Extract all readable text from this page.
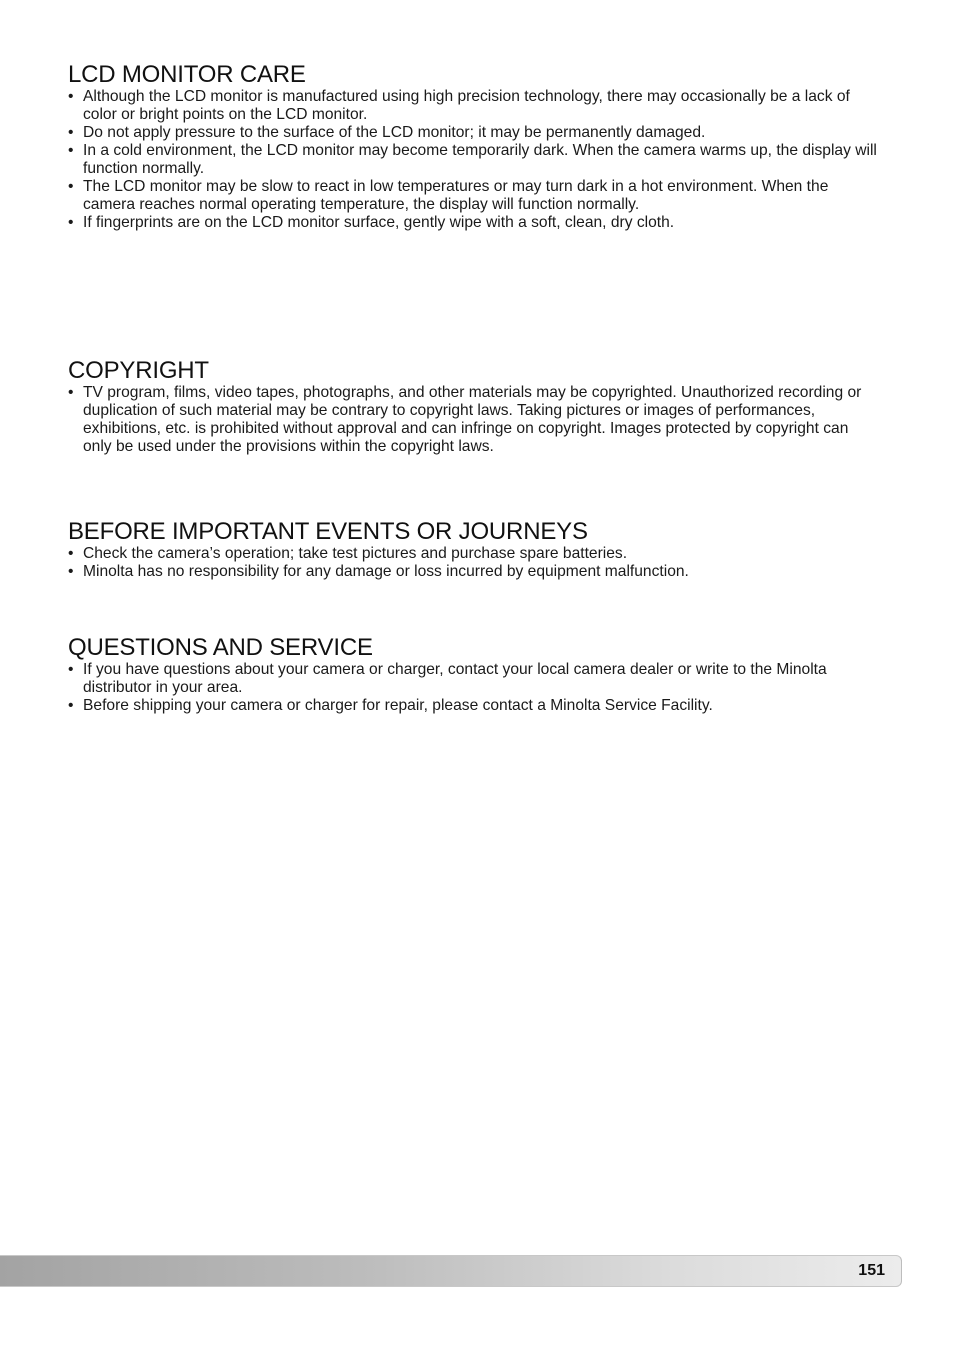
LCD MONITOR CARE
• Although the LCD monitor is manufactured using high precision technology, there may occasionally be a lack of color or bright points on the LCD monitor.
• Do not apply pressure to the surface of the LCD monitor; it may be permanently damaged.
• In a cold environment, the LCD monitor may become temporarily dark. When the camera warms up, the display will function normally.
• The LCD monitor may be slow to react in low temperatures or may turn dark in a hot environment. When the camera reaches normal operating temperature, the display will function normally.
• If fingerprints are on the LCD monitor surface, gently wipe with a soft, clean, dry cloth.
COPYRIGHT
• TV program, films, video tapes, photographs, and other materials may be copyrighted. Unauthorized recording or duplication of such material may be contrary to copyright laws. Taking pictures or images of performances, exhibitions, etc. is prohibited without approval and can infringe on copyright. Images protected by copyright can only be used under the provisions within the copyright laws.
BEFORE IMPORTANT EVENTS OR JOURNEYS
• Check the camera’s operation; take test pictures and purchase spare batteries.
• Minolta has no responsibility for any damage or loss incurred by equipment malfunction.
QUESTIONS AND SERVICE
• If you have questions about your camera or charger, contact your local camera dealer or write to the Minolta distributor in your area.
• Before shipping your camera or charger for repair, please contact a Minolta Service Facility.
151
